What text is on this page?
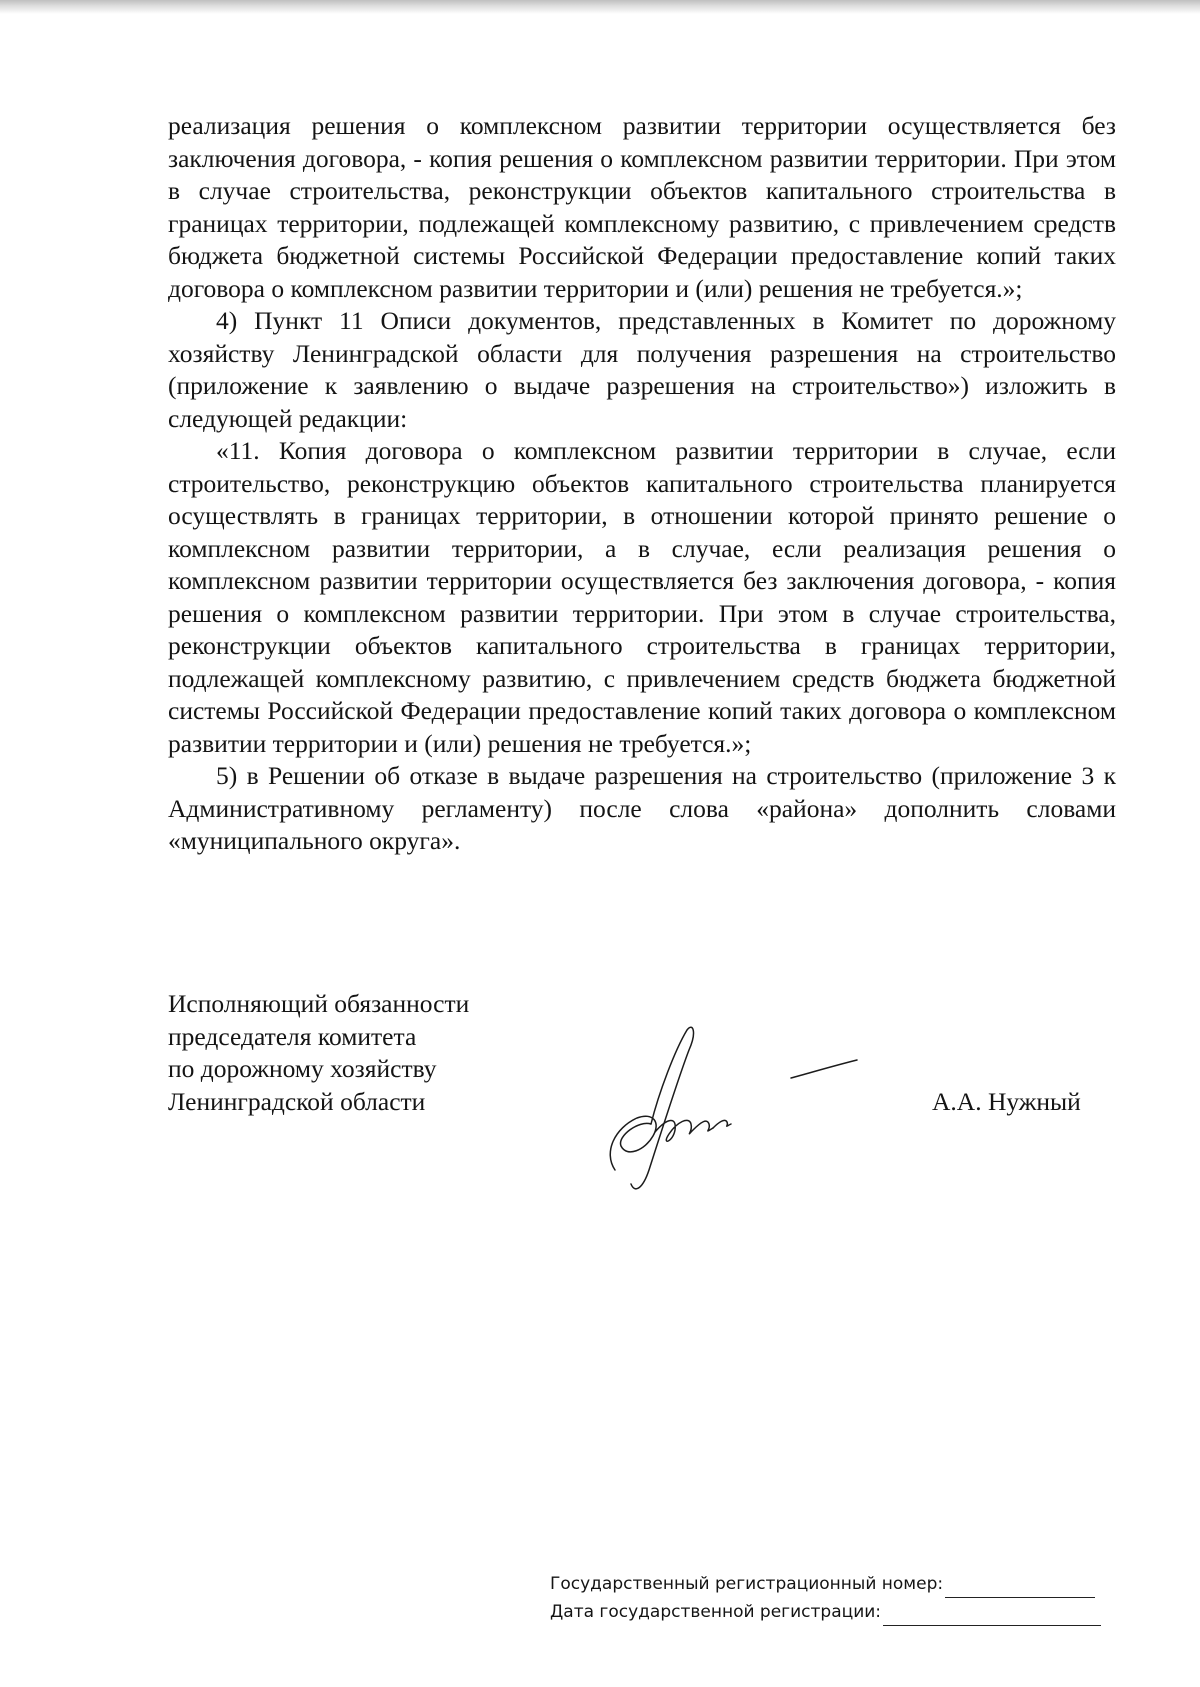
реализация решения о комплексном развитии территории осуществляется без заключения договора, - копия решения о комплексном развитии территории. При этом в случае строительства, реконструкции объектов капитального строительства в границах территории, подлежащей комплексному развитию, с привлечением средств бюджета бюджетной системы Российской Федерации предоставление копий таких договора о комплексном развитии территории и (или) решения не требуется.»;

4) Пункт 11 Описи документов, представленных в Комитет по дорожному хозяйству Ленинградской области для получения разрешения на строительство (приложение к заявлению о выдаче разрешения на строительство») изложить в следующей редакции:

«11. Копия договора о комплексном развитии территории в случае, если строительство, реконструкцию объектов капитального строительства планируется осуществлять в границах территории, в отношении которой принято решение о комплексном развитии территории, а в случае, если реализация решения о комплексном развитии территории осуществляется без заключения договора, - копия решения о комплексном развитии территории. При этом в случае строительства, реконструкции объектов капитального строительства в границах территории, подлежащей комплексному развитию, с привлечением средств бюджета бюджетной системы Российской Федерации предоставление копий таких договора о комплексном развитии территории и (или) решения не требуется.»;

5) в Решении об отказе в выдаче разрешения на строительство (приложение 3 к Административному регламенту) после слова «района» дополнить словами «муниципального округа».

Исполняющий обязанности
председателя комитета
по дорожному хозяйству
Ленинградской области	А.А. Нужный
Государственный регистрационный номер:
Дата государственной регистрации:
